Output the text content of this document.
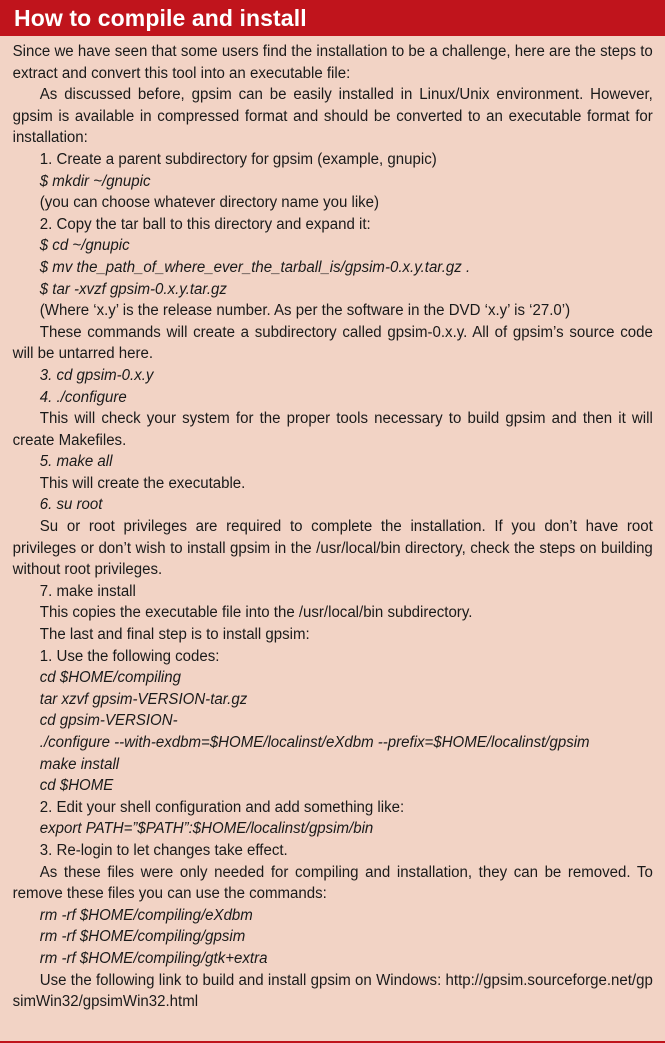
How to compile and install

Since we have seen that some users find the installation to be a challenge, here are the steps to extract and convert this tool into an executable file:

As discussed before, gpsim can be easily installed in Linux/Unix environment. However, gpsim is available in compressed format and should be converted to an executable format for installation:

1. Create a parent subdirectory for gpsim (example, gnupic)

$ mkdir ~/gnupic

(you can choose whatever directory name you like)

2. Copy the tar ball to this directory and expand it:

$ cd ~/gnupic

$ mv the_path_of_where_ever_the_tarball_is/gpsim-0.x.y.tar.gz .

$ tar -xvzf gpsim-0.x.y.tar.gz

(Where ‘x.y’ is the release number. As per the software in the DVD ‘x.y’ is ‘27.0’)

These commands will create a subdirectory called gpsim-0.x.y. All of gpsim’s source code will be untarred here.

3. cd gpsim-0.x.y

4. ./configure

This will check your system for the proper tools necessary to build gpsim and then it will create Makefiles.

5. make all

This will create the executable.

6. su root

Su or root privileges are required to complete the installation. If you don’t have root privileges or don’t wish to install gpsim in the /usr/local/bin directory, check the steps on building without root privileges.

7. make install

This copies the executable file into the /usr/local/bin subdirectory.

The last and final step is to install gpsim:

1. Use the following codes:

cd $HOME/compiling

tar xzvf gpsim-VERSION-tar.gz

cd gpsim-VERSION-

./configure --with-exdbm=$HOME/localinst/eXdbm --prefix=$HOME/localinst/gpsim

make install

cd $HOME

2. Edit your shell configuration and add something like:

export PATH=”$PATH”:$HOME/localinst/gpsim/bin

3. Re-login to let changes take effect.

As these files were only needed for compiling and installation, they can be removed. To remove these files you can use the commands:

rm -rf $HOME/compiling/eXdbm

rm -rf $HOME/compiling/gpsim

rm -rf $HOME/compiling/gtk+extra

Use the following link to build and install gpsim on Windows: http://gpsim.sourceforge.net/gpsimWin32/gpsimWin32.html
